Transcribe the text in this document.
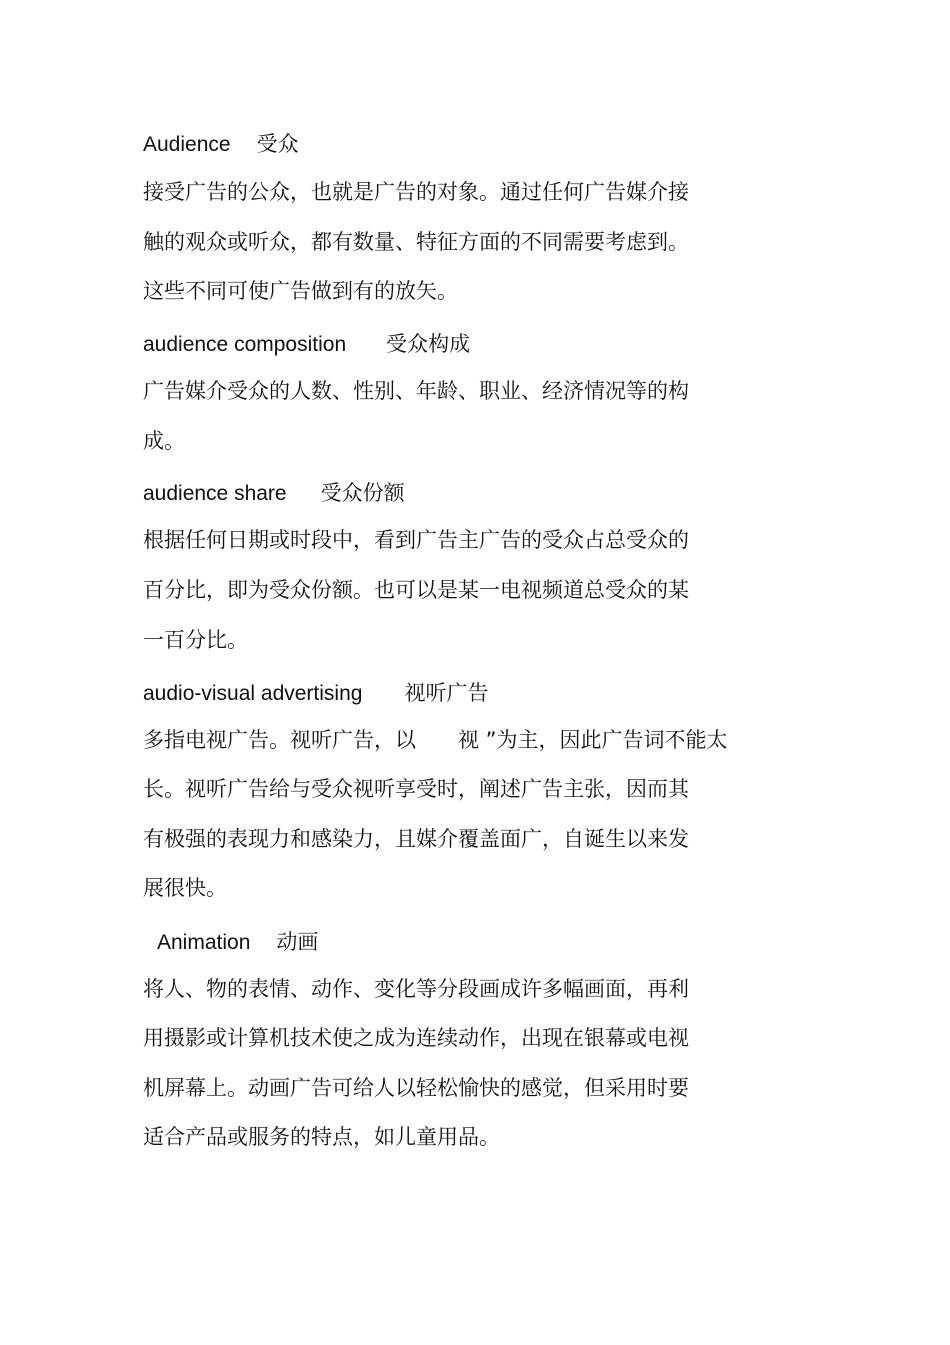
Audience 受众
接受广告的公众，也就是广告的对象。通过任何广告媒介接
触的观众或听众，都有数量、特征方面的不同需要考虑到。
这些不同可使广告做到有的放矢。
audience composition 受众构成
广告媒介受众的人数、性别、年龄、职业、经济情况等的构
成。
audience share 受众份额
根据任何日期或时段中，看到广告主广告的受众占总受众的
百分比，即为受众份额。也可以是某一电视频道总受众的某
一百分比。
audio-visual advertising 视听广告
多指电视广告。视听广告，以　　视 ”为主，因此广告词不能太
长。视听广告给与受众视听享受时，阐述广告主张，因而其
有极强的表现力和感染力，且媒介覆盖面广，自诞生以来发
展很快。
Animation 动画
将人、物的表情、动作、变化等分段画成许多幅画面，再利
用摄影或计算机技术使之成为连续动作，出现在银幕或电视
机屏幕上。动画广告可给人以轻松愉快的感觉，但采用时要
适合产品或服务的特点，如儿童用品。
